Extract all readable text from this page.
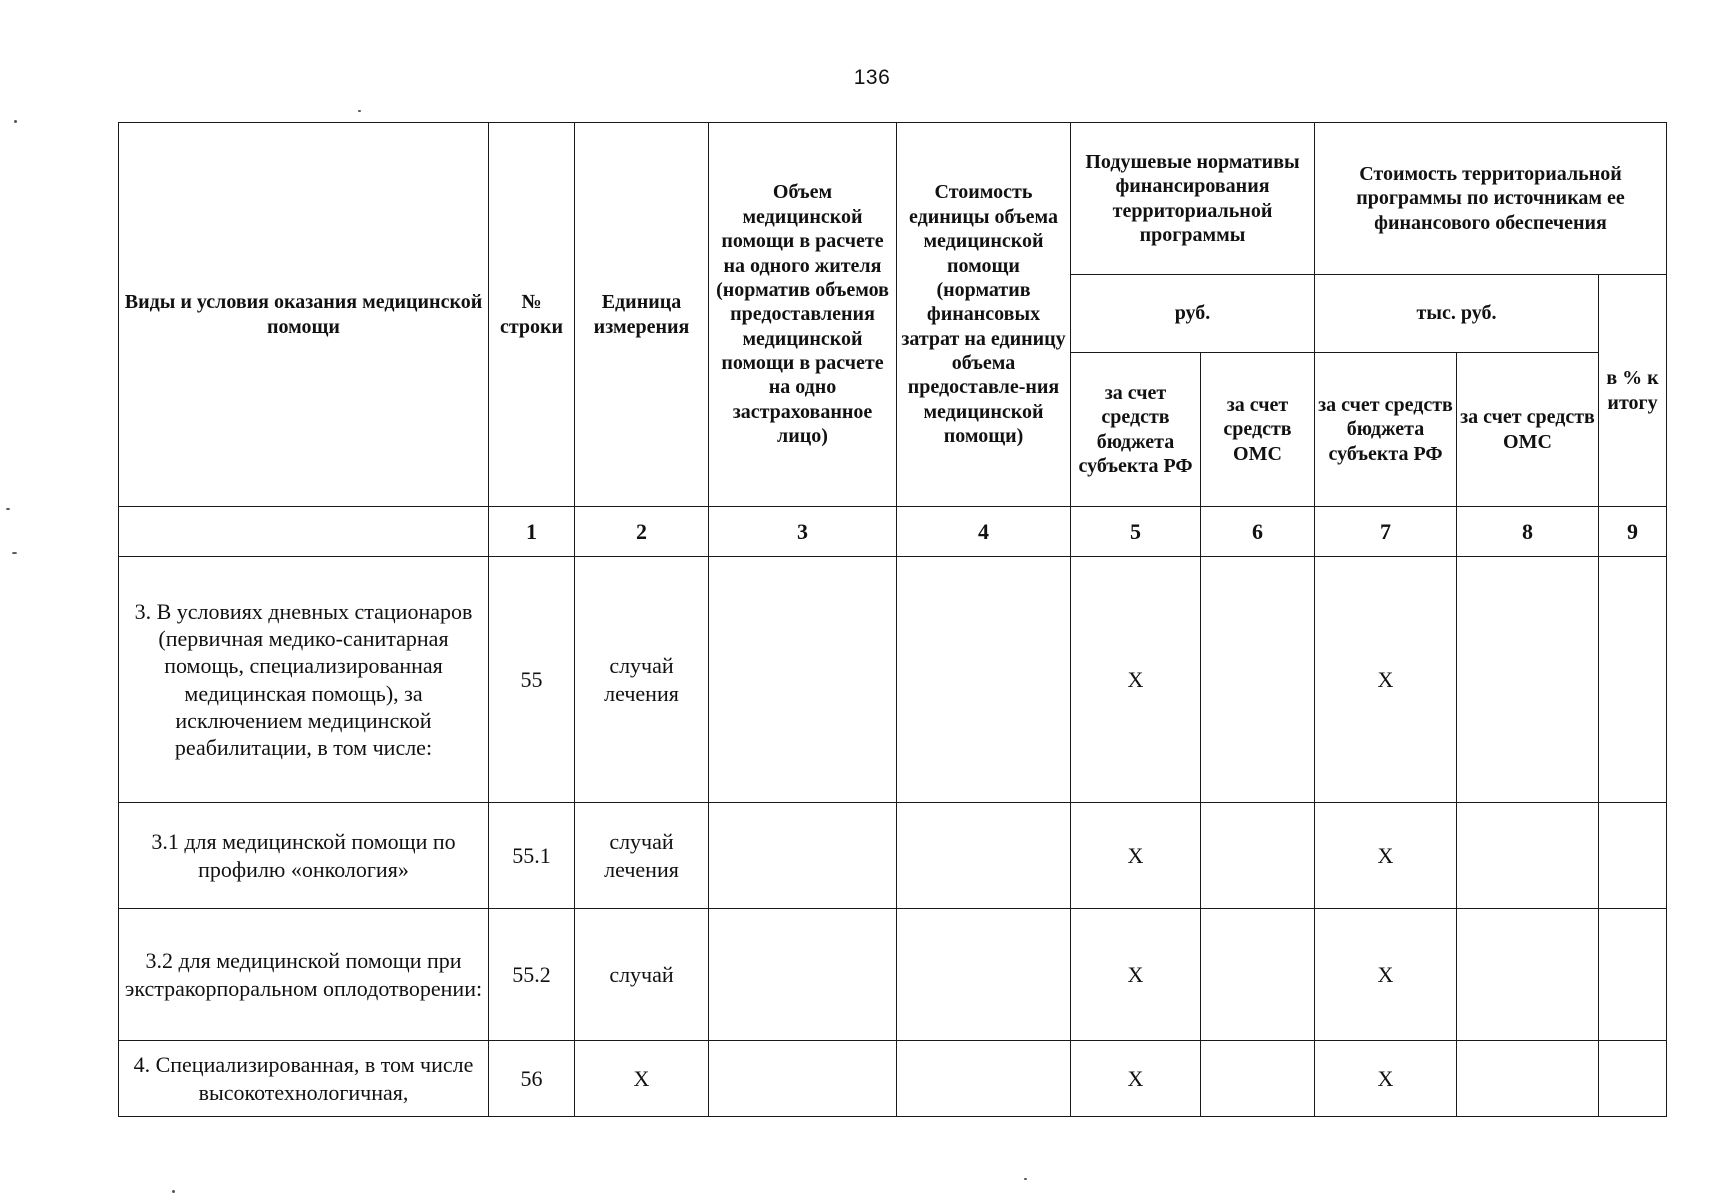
136
Виды и условия оказания медицинской помощи	№ строки	Единица измерения	Объем медицинской помощи в расчете на одного жителя (норматив объемов предоставления медицинской помощи в расчете на одно застрахованное лицо)	Стоимость единицы объема медицинской помощи (норматив финансовых затрат на единицу объема предоставле-ния медицинской помощи)	Подушевые нормативы финансирования территориальной программы		Стоимость территориальной программы по источникам ее финансового обеспечения		
					руб.		тыс. руб.		в % к итогу
					за счет средств бюджета субъекта РФ	за счет средств ОМС	за счет средств бюджета субъекта РФ	за счет средств ОМС	
	1	2	3	4	5	6	7	8	9
3. В условиях дневных стационаров (первичная медико-санитарная помощь, специализированная медицинская помощь), за исключением медицинской реабилитации, в том числе:	55	случай лечения			X		X		
3.1 для медицинской помощи по профилю «онкология»	55.1	случай лечения			X		X		
3.2 для медицинской помощи при экстракорпоральном оплодотворении:	55.2	случай			X		X		
4. Специализированная, в том числе высокотехнологичная,	56	X			X		X		
